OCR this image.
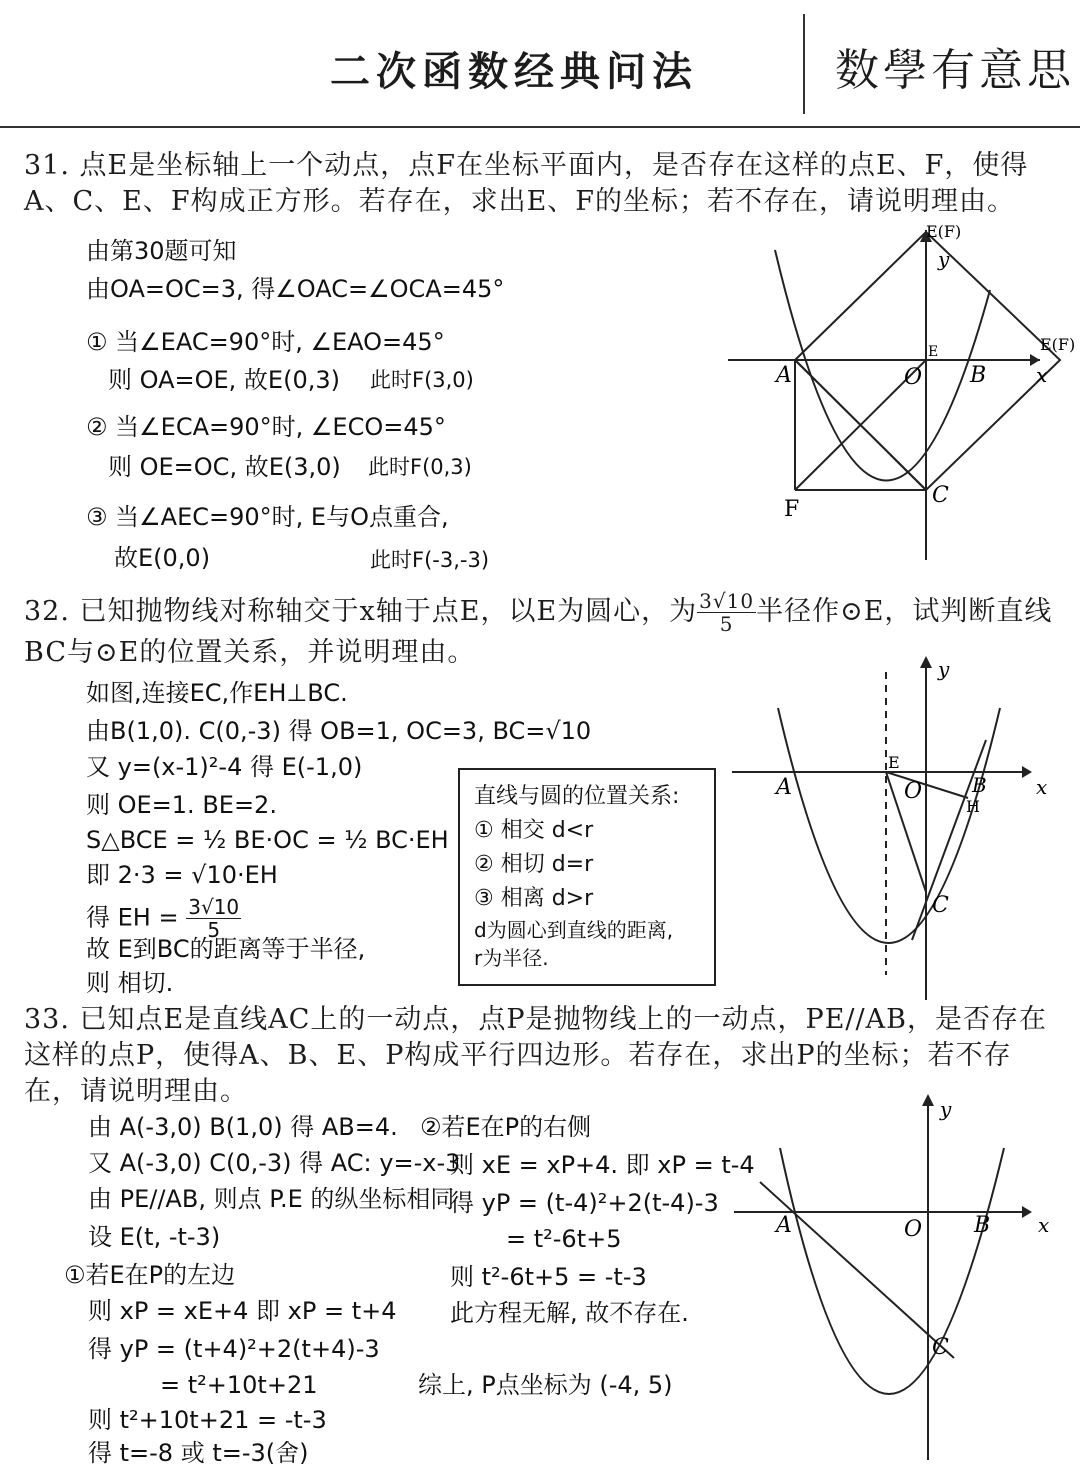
二次函数经典问法	数學有意思
31. 点E是坐标轴上一个动点，点F在坐标平面内，是否存在这样的点E、F，使得A、C、E、F构成正方形。若存在，求出E、F的坐标；若不存在，请说明理由。
由第30题可知
由OA=OC=3, 得∠OAC=∠OCA=45°
① 当∠EAC=90°时, ∠EAO=45°
则 OA=OE, 故E(0,3) 此时F(3,0)
② 当∠ECA=90°时, ∠ECO=45°
则 OE=OC, 故E(3,0) 此时F(0,3)
③ 当∠AEC=90°时, E与O点重合,
故E(0,0)	此时F(-3,-3)
y
x
A	O B
C
E(F)
E(F)
E
F
32. 已知抛物线对称轴交于x轴于点E，以E为圆心，为 $\frac{3√10}{5}$ 半径作⊙E，试判断直线BC与⊙E的位置关系，并说明理由。
如图,连接EC,作EH⊥BC.
由B(1,0). C(0,-3) 得 OB=1, OC=3, BC=√10
又 y=(x-1)²-4 得 E(-1,0)
则 OE=1. BE=2.
S△BCE = ½ BE·OC = ½ BC·EH
即 2·3 = √10·EH
得 EH = $\frac{3√10}{5}$
故 E到BC的距离等于半径,
则 相切.
直线与圆的位置关系:
① 相交 d<r
② 相切 d=r
③ 相离 d>r
d为圆心到直线的距离,
r为半径.
y
x
A	O B
C
E
H
33. 已知点E是直线AC上的一动点，点P是抛物线上的一动点，PE//AB，是否存在这样的点P，使得A、B、E、P构成平行四边形。若存在，求出P的坐标；若不存在，请说明理由。
由 A(-3,0) B(1,0) 得 AB=4.
又 A(-3,0) C(0,-3) 得 AC: y=-x-3
由 PE//AB, 则点 P.E 的纵坐标相同
设 E(t, -t-3)
①若E在P的左边
则 xP = xE+4 即 xP = t+4
得 yP = (t+4)²+2(t+4)-3
= t²+10t+21
则 t²+10t+21 = -t-3
得 t=-8 或 t=-3(舍)
②若E在P的右侧
则 xE = xP+4. 即 xP = t-4
得 yP = (t-4)²+2(t-4)-3
= t²-6t+5
则 t²-6t+5 = -t-3
此方程无解, 故不存在.
综上, P点坐标为 (-4, 5)
y
x
A	O B
C
